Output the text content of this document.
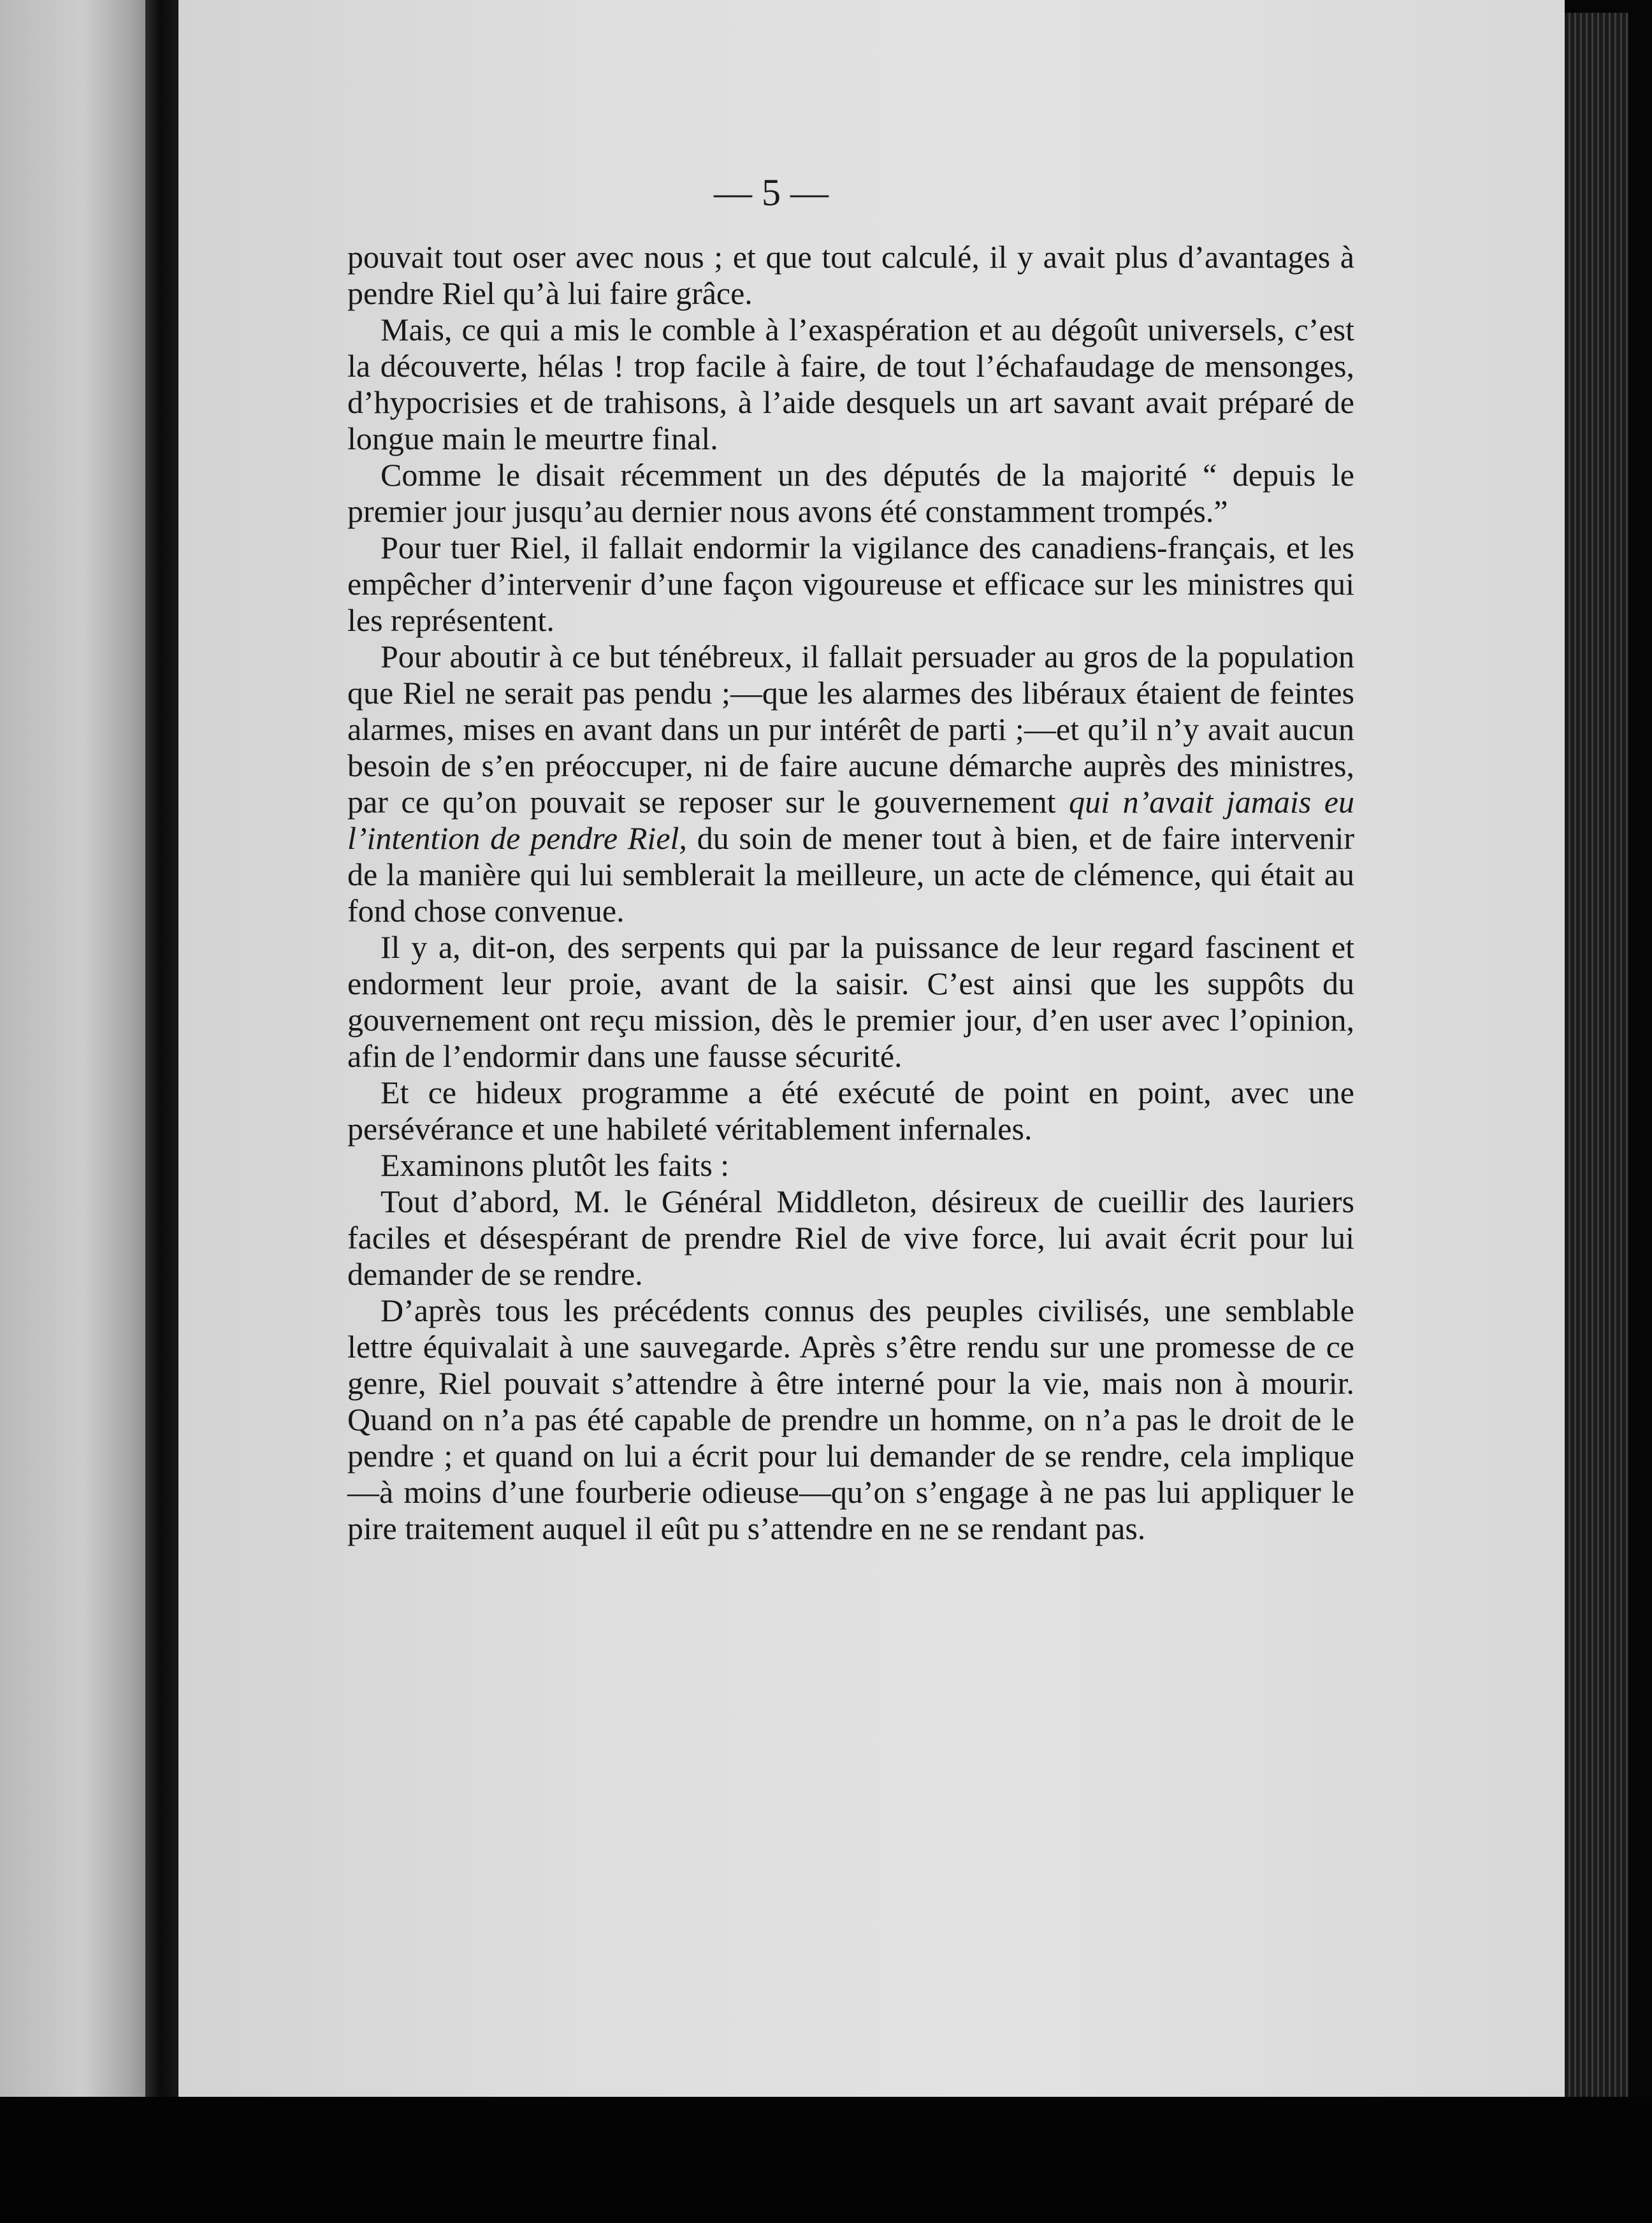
— 5 —

pouvait tout oser avec nous ; et que tout calculé, il y avait plus d’avantages à pendre Riel qu’à lui faire grâce.

Mais, ce qui a mis le comble à l’exaspération et au dégoût universels, c’est la découverte, hélas ! trop facile à faire, de tout l’échafaudage de mensonges, d’hypocrisies et de trahisons, à l’aide desquels un art savant avait préparé de longue main le meurtre final.

Comme le disait récemment un des députés de la majorité “ depuis le premier jour jusqu’au dernier nous avons été constamment trompés.”

Pour tuer Riel, il fallait endormir la vigilance des canadiens-français, et les empêcher d’intervenir d’une façon vigoureuse et efficace sur les ministres qui les représentent.

Pour aboutir à ce but ténébreux, il fallait persuader au gros de la population que Riel ne serait pas pendu ;—que les alarmes des libéraux étaient de feintes alarmes, mises en avant dans un pur intérêt de parti ;—et qu’il n’y avait aucun besoin de s’en préoccuper, ni de faire aucune démarche auprès des ministres, par ce qu’on pouvait se reposer sur le gouvernement qui n’avait jamais eu l’intention de pendre Riel, du soin de mener tout à bien, et de faire intervenir de la manière qui lui semblerait la meilleure, un acte de clémence, qui était au fond chose convenue.

Il y a, dit-on, des serpents qui par la puissance de leur regard fascinent et endorment leur proie, avant de la saisir. C’est ainsi que les suppôts du gouvernement ont reçu mission, dès le premier jour, d’en user avec l’opinion, afin de l’endormir dans une fausse sécurité.

Et ce hideux programme a été exécuté de point en point, avec une persévérance et une habileté véritablement infernales.

Examinons plutôt les faits :

Tout d’abord, M. le Général Middleton, désireux de cueillir des lauriers faciles et désespérant de prendre Riel de vive force, lui avait écrit pour lui demander de se rendre.

D’après tous les précédents connus des peuples civilisés, une semblable lettre équivalait à une sauvegarde. Après s’être rendu sur une promesse de ce genre, Riel pouvait s’attendre à être interné pour la vie, mais non à mourir. Quand on n’a pas été capable de prendre un homme, on n’a pas le droit de le pendre ; et quand on lui a écrit pour lui demander de se rendre, cela implique—à moins d’une fourberie odieuse—qu’on s’engage à ne pas lui appliquer le pire traitement auquel il eût pu s’attendre en ne se rendant pas.
